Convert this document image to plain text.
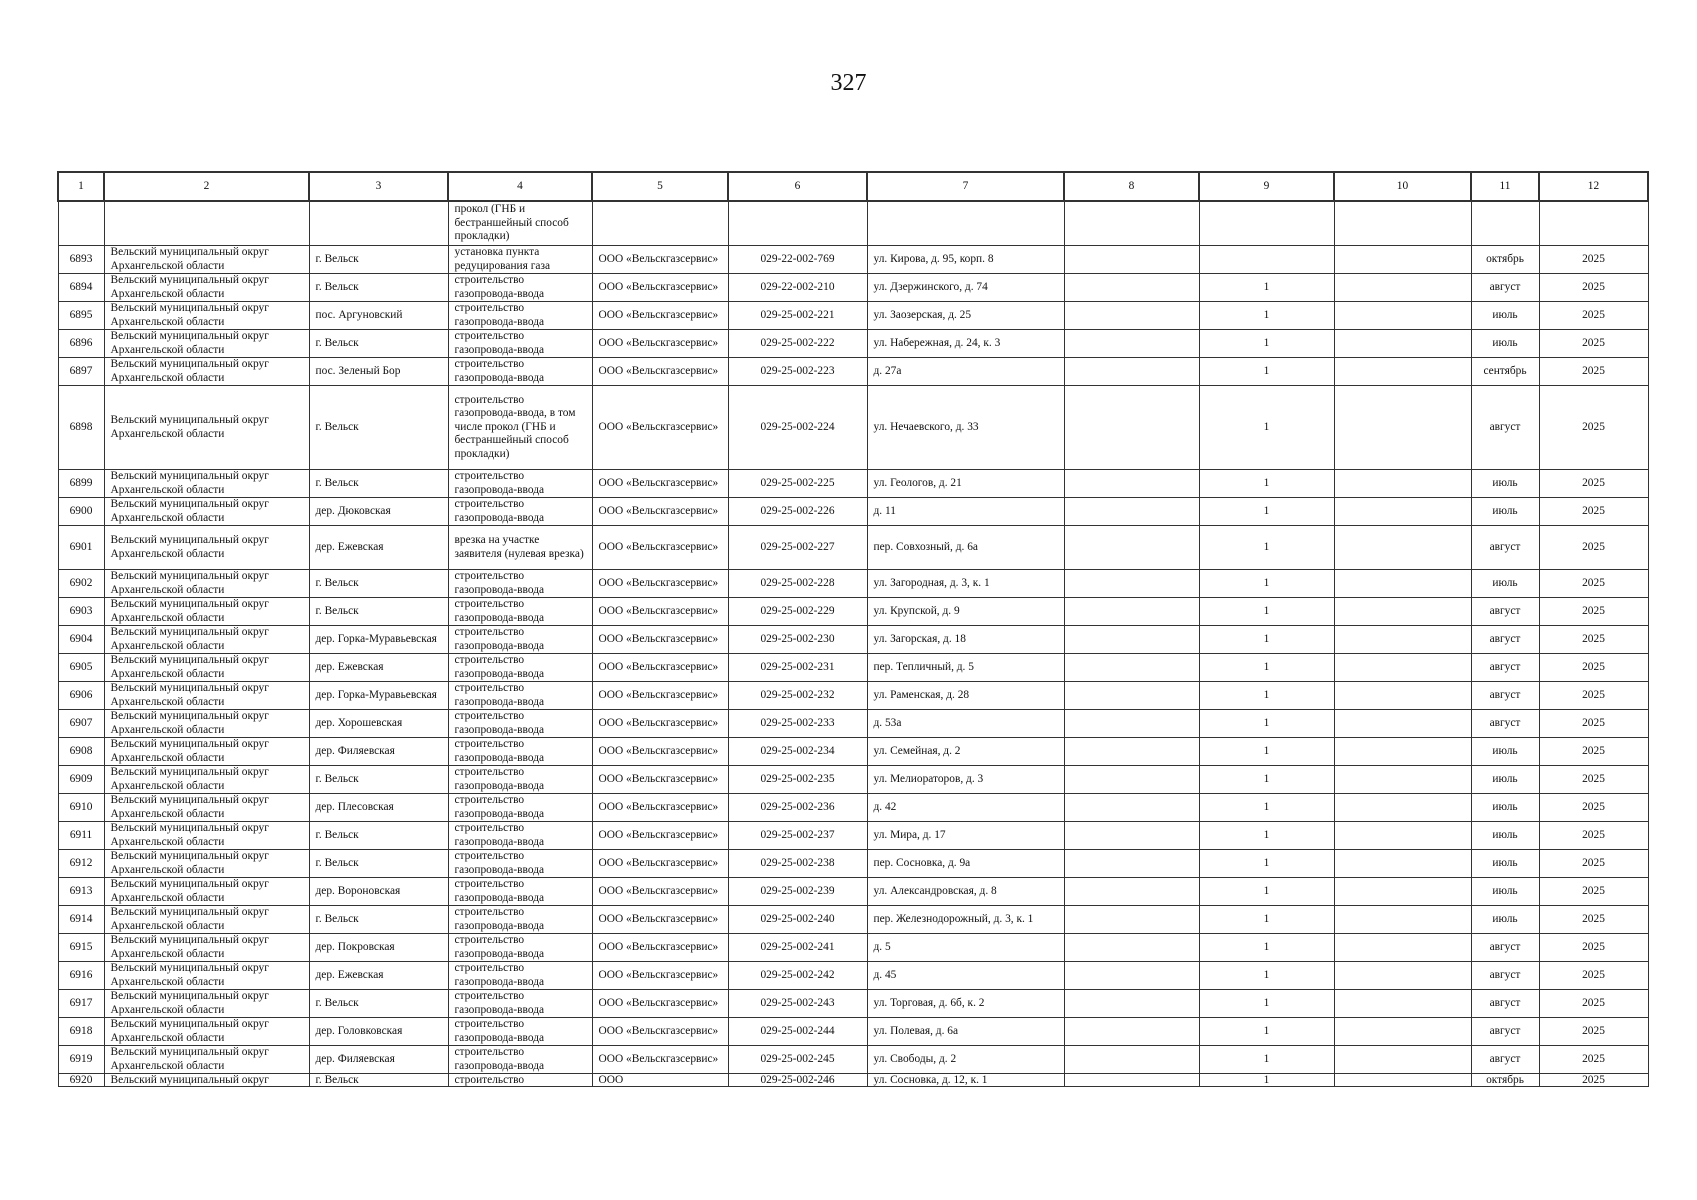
327
1	2	3	4	5	6	7	8	9	10	11	12
			прокол (ГНБ и бестраншейный способ прокладки)								
6893	Вельский муниципальный округ Архангельской области	г. Вельск	установка пункта редуцирования газа	ООО «Вельскгазсервис»	029-22-002-769	ул. Кирова, д. 95, корп. 8				октябрь	2025
6894	Вельский муниципальный округ Архангельской области	г. Вельск	строительство газопровода-ввода	ООО «Вельскгазсервис»	029-22-002-210	ул. Дзержинского, д. 74		1		август	2025
6895	Вельский муниципальный округ Архангельской области	пос. Аргуновский	строительство газопровода-ввода	ООО «Вельскгазсервис»	029-25-002-221	ул. Заозерская, д. 25		1		июль	2025
6896	Вельский муниципальный округ Архангельской области	г. Вельск	строительство газопровода-ввода	ООО «Вельскгазсервис»	029-25-002-222	ул. Набережная, д. 24, к. 3		1		июль	2025
6897	Вельский муниципальный округ Архангельской области	пос. Зеленый Бор	строительство газопровода-ввода	ООО «Вельскгазсервис»	029-25-002-223	д. 27а		1		сентябрь	2025
6898	Вельский муниципальный округ Архангельской области	г. Вельск	строительство газопровода-ввода, в том числе прокол (ГНБ и бестраншейный способ прокладки)	ООО «Вельскгазсервис»	029-25-002-224	ул. Нечаевского, д. 33		1		август	2025
6899	Вельский муниципальный округ Архангельской области	г. Вельск	строительство газопровода-ввода	ООО «Вельскгазсервис»	029-25-002-225	ул. Геологов, д. 21		1		июль	2025
6900	Вельский муниципальный округ Архангельской области	дер. Дюковская	строительство газопровода-ввода	ООО «Вельскгазсервис»	029-25-002-226	д. 11		1		июль	2025
6901	Вельский муниципальный округ Архангельской области	дер. Ежевская	врезка на участке заявителя (нулевая врезка)	ООО «Вельскгазсервис»	029-25-002-227	пер. Совхозный, д. 6а		1		август	2025
6902	Вельский муниципальный округ Архангельской области	г. Вельск	строительство газопровода-ввода	ООО «Вельскгазсервис»	029-25-002-228	ул. Загородная, д. 3, к. 1		1		июль	2025
6903	Вельский муниципальный округ Архангельской области	г. Вельск	строительство газопровода-ввода	ООО «Вельскгазсервис»	029-25-002-229	ул. Крупской, д. 9		1		август	2025
6904	Вельский муниципальный округ Архангельской области	дер. Горка-Муравьевская	строительство газопровода-ввода	ООО «Вельскгазсервис»	029-25-002-230	ул. Загорская, д. 18		1		август	2025
6905	Вельский муниципальный округ Архангельской области	дер. Ежевская	строительство газопровода-ввода	ООО «Вельскгазсервис»	029-25-002-231	пер. Тепличный, д. 5		1		август	2025
6906	Вельский муниципальный округ Архангельской области	дер. Горка-Муравьевская	строительство газопровода-ввода	ООО «Вельскгазсервис»	029-25-002-232	ул. Раменская, д. 28		1		август	2025
6907	Вельский муниципальный округ Архангельской области	дер. Хорошевская	строительство газопровода-ввода	ООО «Вельскгазсервис»	029-25-002-233	д. 53а		1		август	2025
6908	Вельский муниципальный округ Архангельской области	дер. Филяевская	строительство газопровода-ввода	ООО «Вельскгазсервис»	029-25-002-234	ул. Семейная, д. 2		1		июль	2025
6909	Вельский муниципальный округ Архангельской области	г. Вельск	строительство газопровода-ввода	ООО «Вельскгазсервис»	029-25-002-235	ул. Мелиораторов, д. 3		1		июль	2025
6910	Вельский муниципальный округ Архангельской области	дер. Плесовская	строительство газопровода-ввода	ООО «Вельскгазсервис»	029-25-002-236	д. 42		1		июль	2025
6911	Вельский муниципальный округ Архангельской области	г. Вельск	строительство газопровода-ввода	ООО «Вельскгазсервис»	029-25-002-237	ул. Мира, д. 17		1		июль	2025
6912	Вельский муниципальный округ Архангельской области	г. Вельск	строительство газопровода-ввода	ООО «Вельскгазсервис»	029-25-002-238	пер. Сосновка, д. 9а		1		июль	2025
6913	Вельский муниципальный округ Архангельской области	дер. Вороновская	строительство газопровода-ввода	ООО «Вельскгазсервис»	029-25-002-239	ул. Александровская, д. 8		1		июль	2025
6914	Вельский муниципальный округ Архангельской области	г. Вельск	строительство газопровода-ввода	ООО «Вельскгазсервис»	029-25-002-240	пер. Железнодорожный, д. 3, к. 1		1		июль	2025
6915	Вельский муниципальный округ Архангельской области	дер. Покровская	строительство газопровода-ввода	ООО «Вельскгазсервис»	029-25-002-241	д. 5		1		август	2025
6916	Вельский муниципальный округ Архангельской области	дер. Ежевская	строительство газопровода-ввода	ООО «Вельскгазсервис»	029-25-002-242	д. 45		1		август	2025
6917	Вельский муниципальный округ Архангельской области	г. Вельск	строительство газопровода-ввода	ООО «Вельскгазсервис»	029-25-002-243	ул. Торговая, д. 6б, к. 2		1		август	2025
6918	Вельский муниципальный округ Архангельской области	дер. Головковская	строительство газопровода-ввода	ООО «Вельскгазсервис»	029-25-002-244	ул. Полевая, д. 6а		1		август	2025
6919	Вельский муниципальный округ Архангельской области	дер. Филяевская	строительство газопровода-ввода	ООО «Вельскгазсервис»	029-25-002-245	ул. Свободы, д. 2		1		август	2025
6920	Вельский муниципальный округ	г. Вельск	строительство	ООО	029-25-002-246	ул. Сосновка, д. 12, к. 1		1		октябрь	2025
